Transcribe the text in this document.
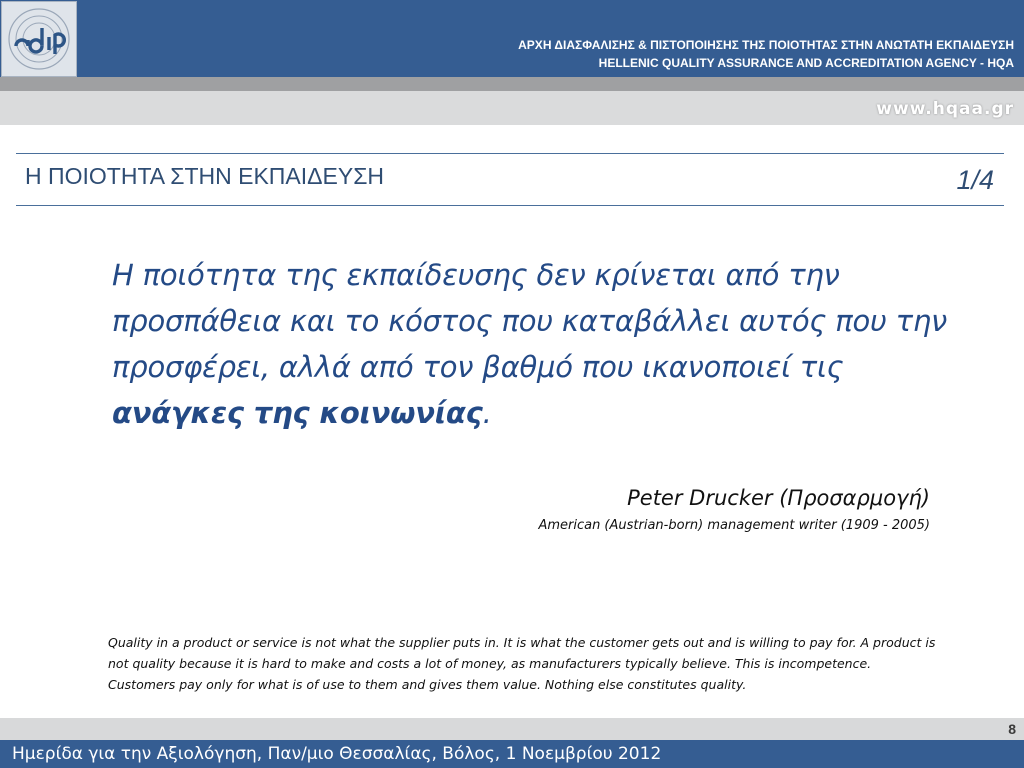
ΑΡΧΗ ΔΙΑΣΦΑΛΙΣΗΣ & ΠΙΣΤΟΠΟΙΗΣΗΣ ΤΗΣ ΠΟΙΟΤΗΤΑΣ ΣΤΗΝ ΑΝΩΤΑΤΗ ΕΚΠΑΙΔΕΥΣΗ
HELLENIC QUALITY ASSURANCE AND ACCREDITATION AGENCY - HQA
www.hqaa.gr
Η ΠΟΙΟΤΗΤΑ ΣΤΗΝ ΕΚΠΑΙΔΕΥΣΗ	1/4
Η ποιότητα της εκπαίδευσης δεν κρίνεται από την προσπάθεια και το κόστος που καταβάλλει αυτός που την προσφέρει, αλλά από τον βαθμό που ικανοποιεί τις ανάγκες της κοινωνίας.
Peter Drucker (Προσαρμογή)
American (Austrian-born) management writer (1909 - 2005)
Quality in a product or service is not what the supplier puts in. It is what the customer gets out and is willing to pay for. A product is not quality because it is hard to make and costs a lot of money, as manufacturers typically believe. This is incompetence. Customers pay only for what is of use to them and gives them value. Nothing else constitutes quality.
8
Ημερίδα για την Αξιολόγηση, Παν/μιο Θεσσαλίας, Βόλος, 1 Νοεμβρίου 2012
